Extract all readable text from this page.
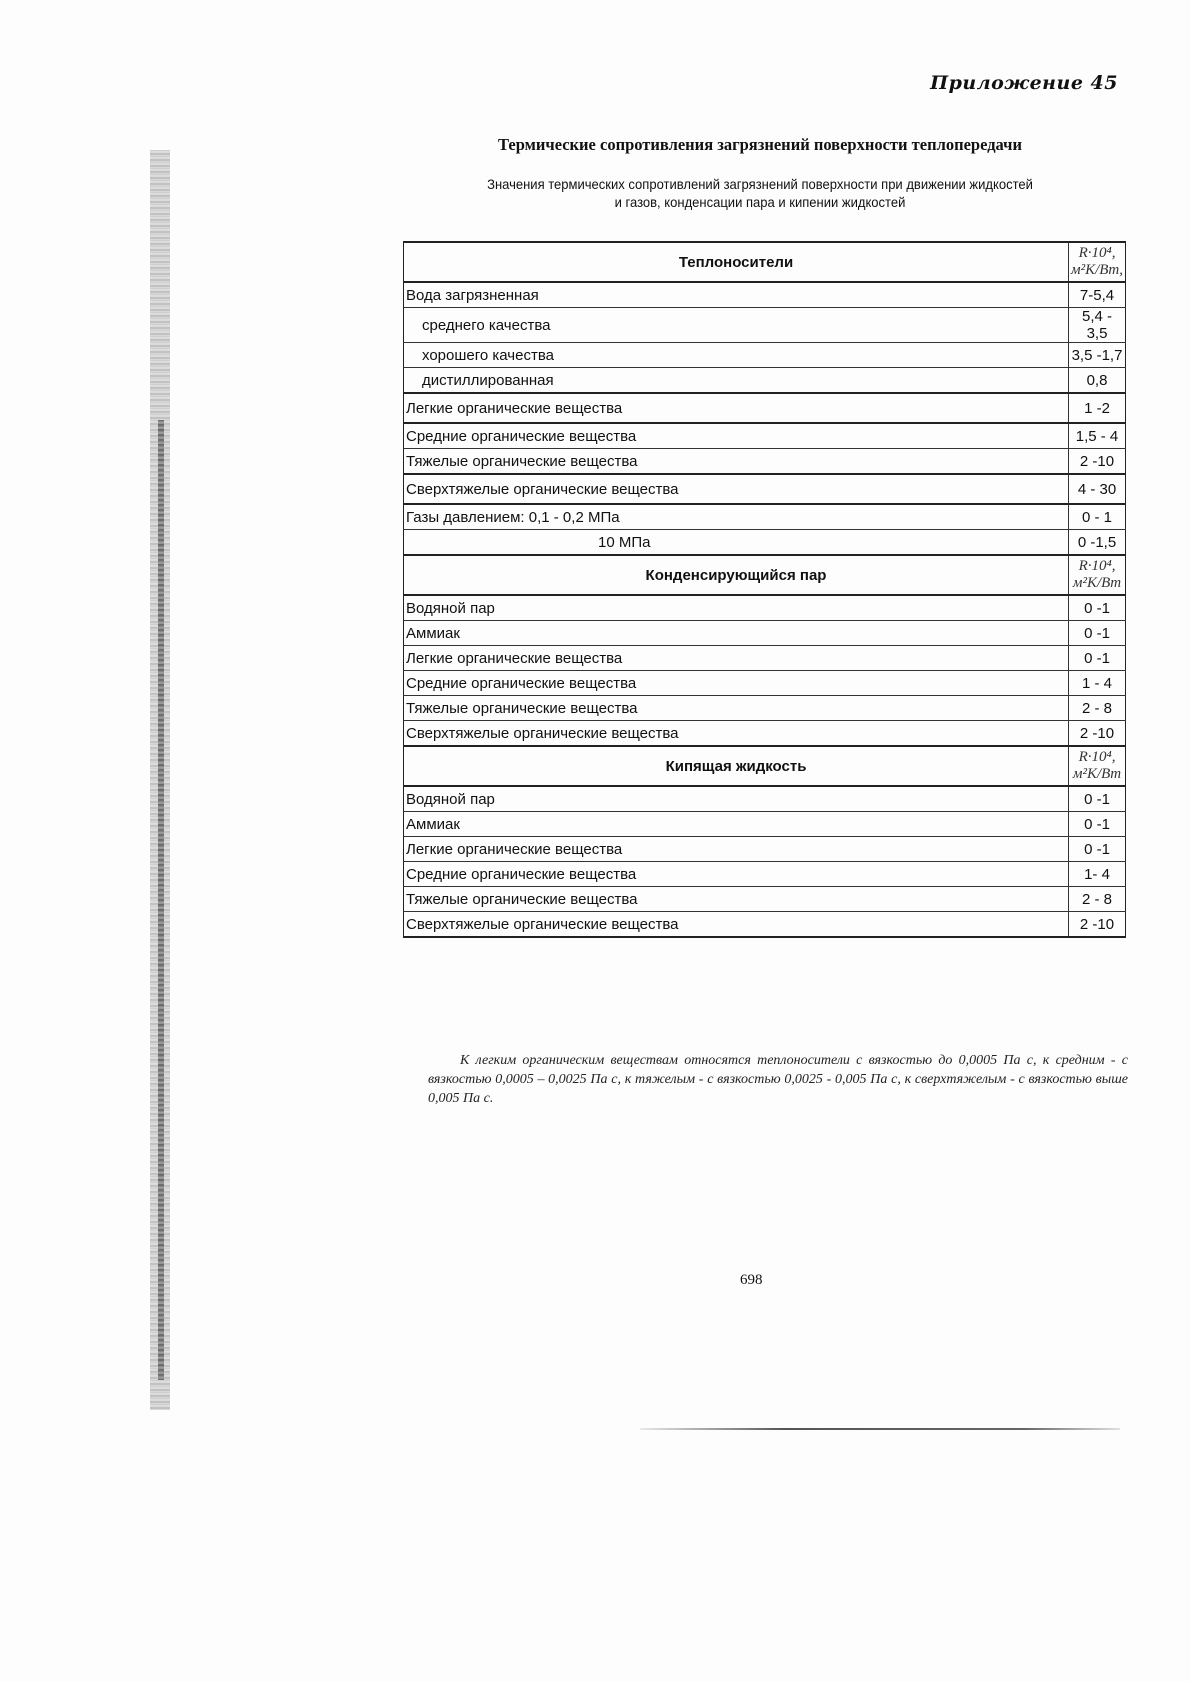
Приложение 45
Термические сопротивления загрязнений поверхности теплопередачи
Значения термических сопротивлений загрязнений поверхности при движении жидкостей
и газов, конденсации пара и кипении жидкостей
Теплоносители	R·10⁴, м²K/Bm,
Вода загрязненная	7-5,4
среднего качества	5,4 - 3,5
хорошего качества	3,5 -1,7
дистиллированная	0,8
Легкие органические вещества	1 -2
Средние органические вещества	1,5 - 4
Тяжелые органические вещества	2 -10
Сверхтяжелые органические вещества	4 - 30
Газы давлением: 0,1 - 0,2 МПа	0 - 1
10 МПа	0 -1,5
Конденсирующийся пар	R·10⁴, м²K/Bm
Водяной пар	0 -1
Аммиак	0 -1
Легкие органические вещества	0 -1
Средние органические вещества	1 - 4
Тяжелые органические вещества	2 - 8
Сверхтяжелые органические вещества	2 -10
Кипящая жидкость	R·10⁴, м²K/Bm
Водяной пар	0 -1
Аммиак	0 -1
Легкие органические вещества	0 -1
Средние органические вещества	1- 4
Тяжелые органические вещества	2 - 8
Сверхтяжелые органические вещества	2 -10

К легким органическим веществам относятся теплоносители с вязкостью до 0,0005 Па с, к средним - с вязкостью 0,0005 – 0,0025 Па с, к тяжелым - с вязкостью 0,0025 - 0,005 Па с, к сверхтяжелым - с вязкостью выше 0,005 Па с.

698
